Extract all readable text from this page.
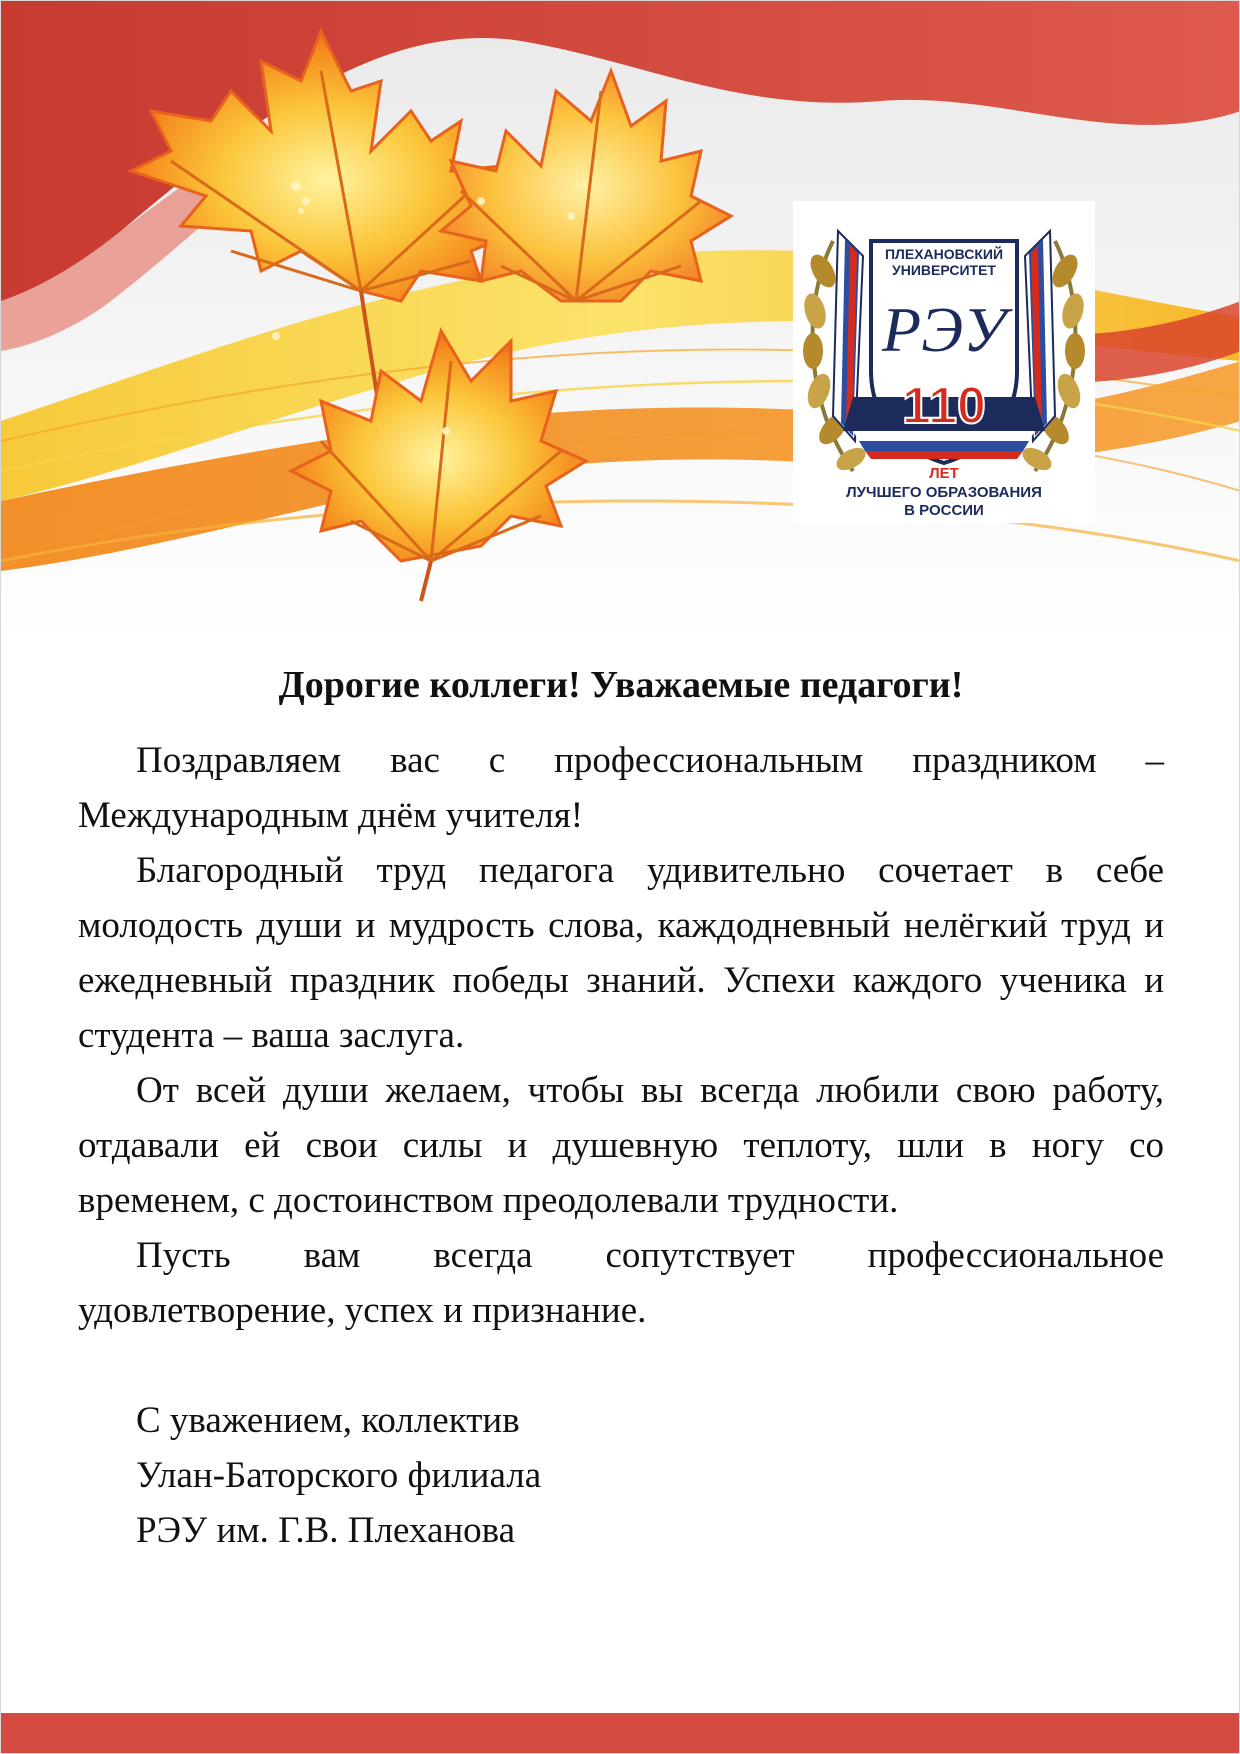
ПЛЕХАНОВСКИЙ
УНИВЕРСИТЕТ
РЭУ
110
ЛЕТ
ЛУЧШЕГО ОБРАЗОВАНИЯ
В РОССИИ

Дорогие коллеги! Уважаемые педагоги!

Поздравляем вас с профессиональным праздником – Международным днём учителя!

Благородный труд педагога удивительно сочетает в себе молодость души и мудрость слова, каждодневный нелёгкий труд и ежедневный праздник победы знаний. Успехи каждого ученика и студента – ваша заслуга.

От всей души желаем, чтобы вы всегда любили свою работу, отдавали ей свои силы и душевную теплоту, шли в ногу со временем, с достоинством преодолевали трудности.

Пусть вам всегда сопутствует профессиональное удовлетворение, успех и признание.

С уважением, коллектив
Улан-Баторского филиала
РЭУ им. Г.В. Плеханова
